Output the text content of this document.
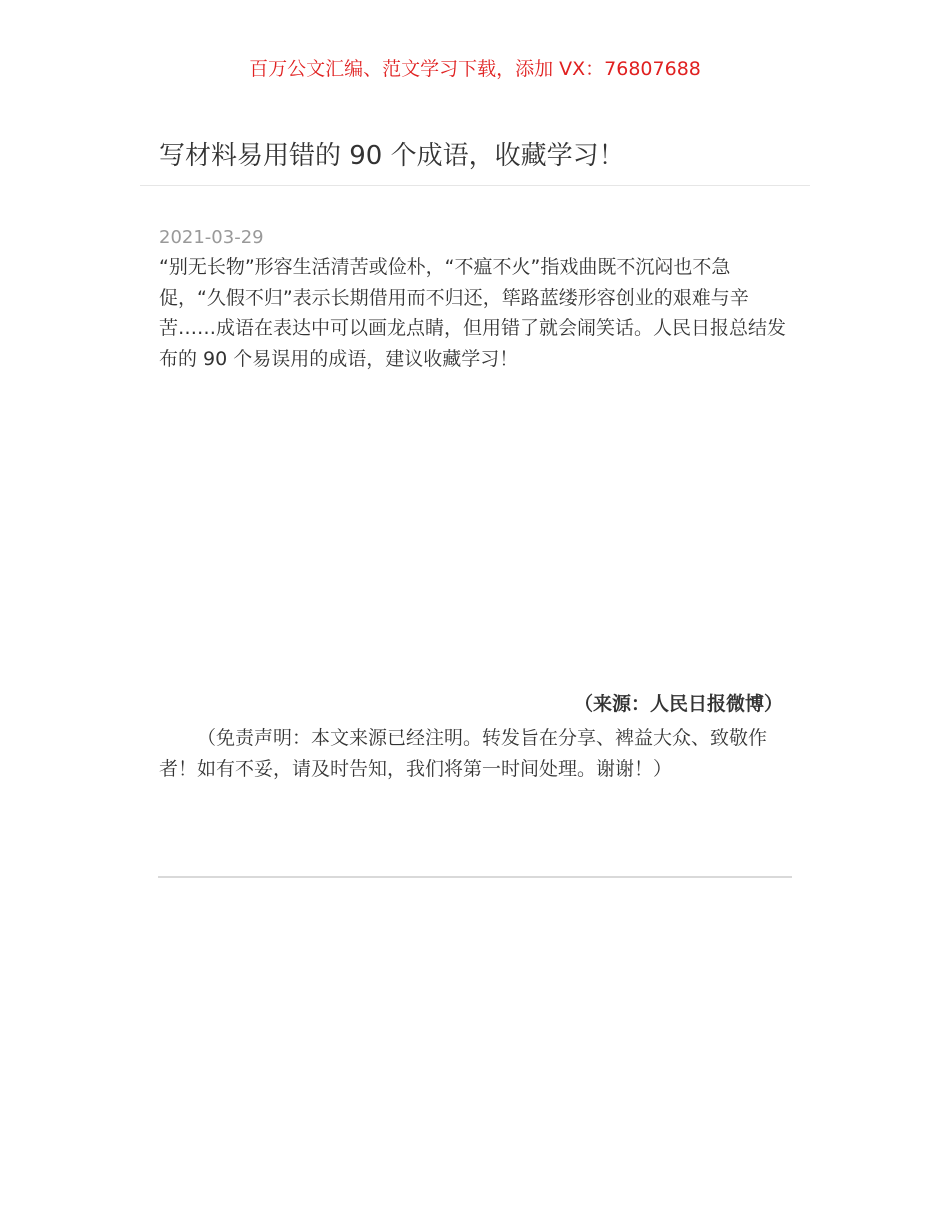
百万公文汇编、范文学习下载，添加 VX：76807688
写材料易用错的 90 个成语，收藏学习！
2021-03-29

“别无长物”形容生活清苦或俭朴，“不瘟不火”指戏曲既不沉闷也不急促，“久假不归”表示长期借用而不归还，筚路蓝缕形容创业的艰难与辛苦……成语在表达中可以画龙点睛，但用错了就会闹笑话。人民日报总结发布的 90 个易误用的成语，建议收藏学习！

（来源：人民日报微博）

（免责声明：本文来源已经注明。转发旨在分享、裨益大众、致敬作者！如有不妥，请及时告知，我们将第一时间处理。谢谢！）
